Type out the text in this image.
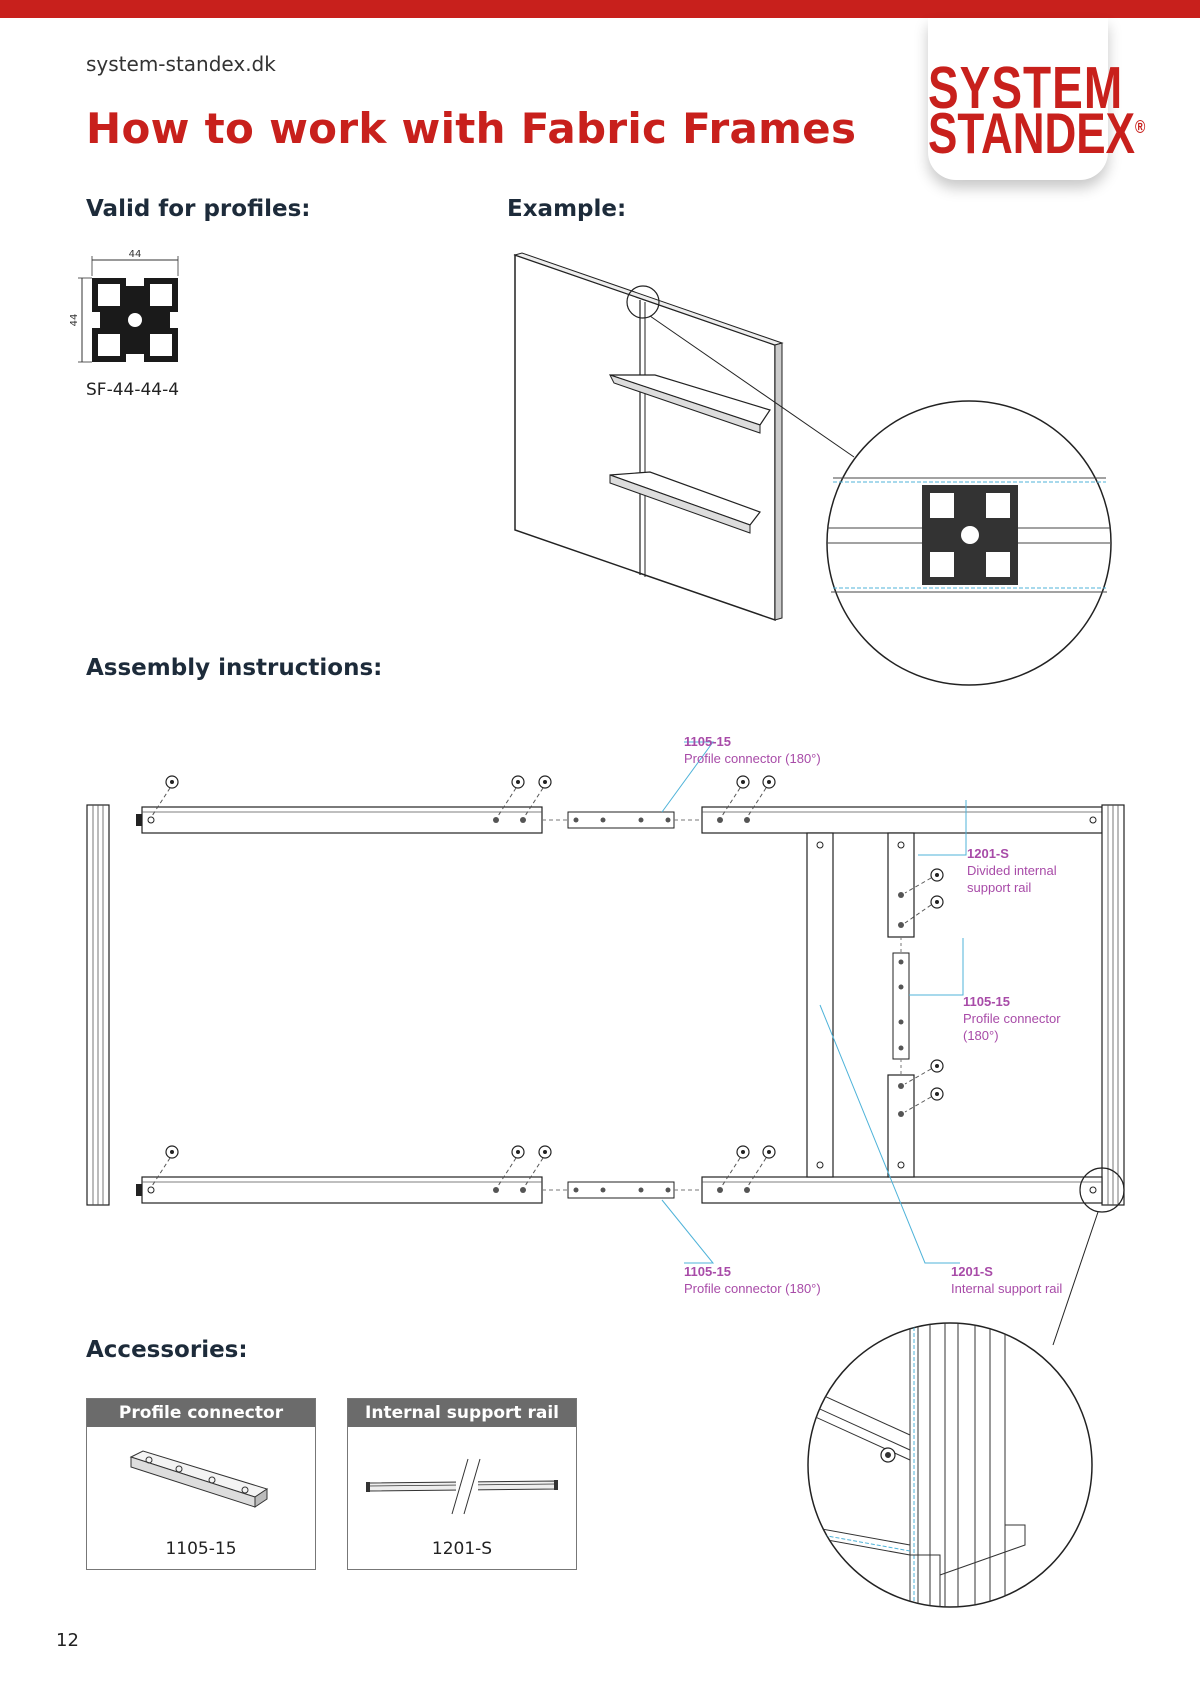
system-standex.dk
How to work with Fabric Frames
SYSTEM
STANDEX®
Valid for profiles:	Example:
44
44
SF-44-44-4
Assembly instructions:
1105-15
Profile connector (180°)
1201-S
Divided internal
support rail
1105-15
Profile connector
(180°)
1105-15
Profile connector (180°)
1201-S
Internal support rail
Accessories:
Profile connector (180°)
1105-15
Internal support rail
1201-S
12
